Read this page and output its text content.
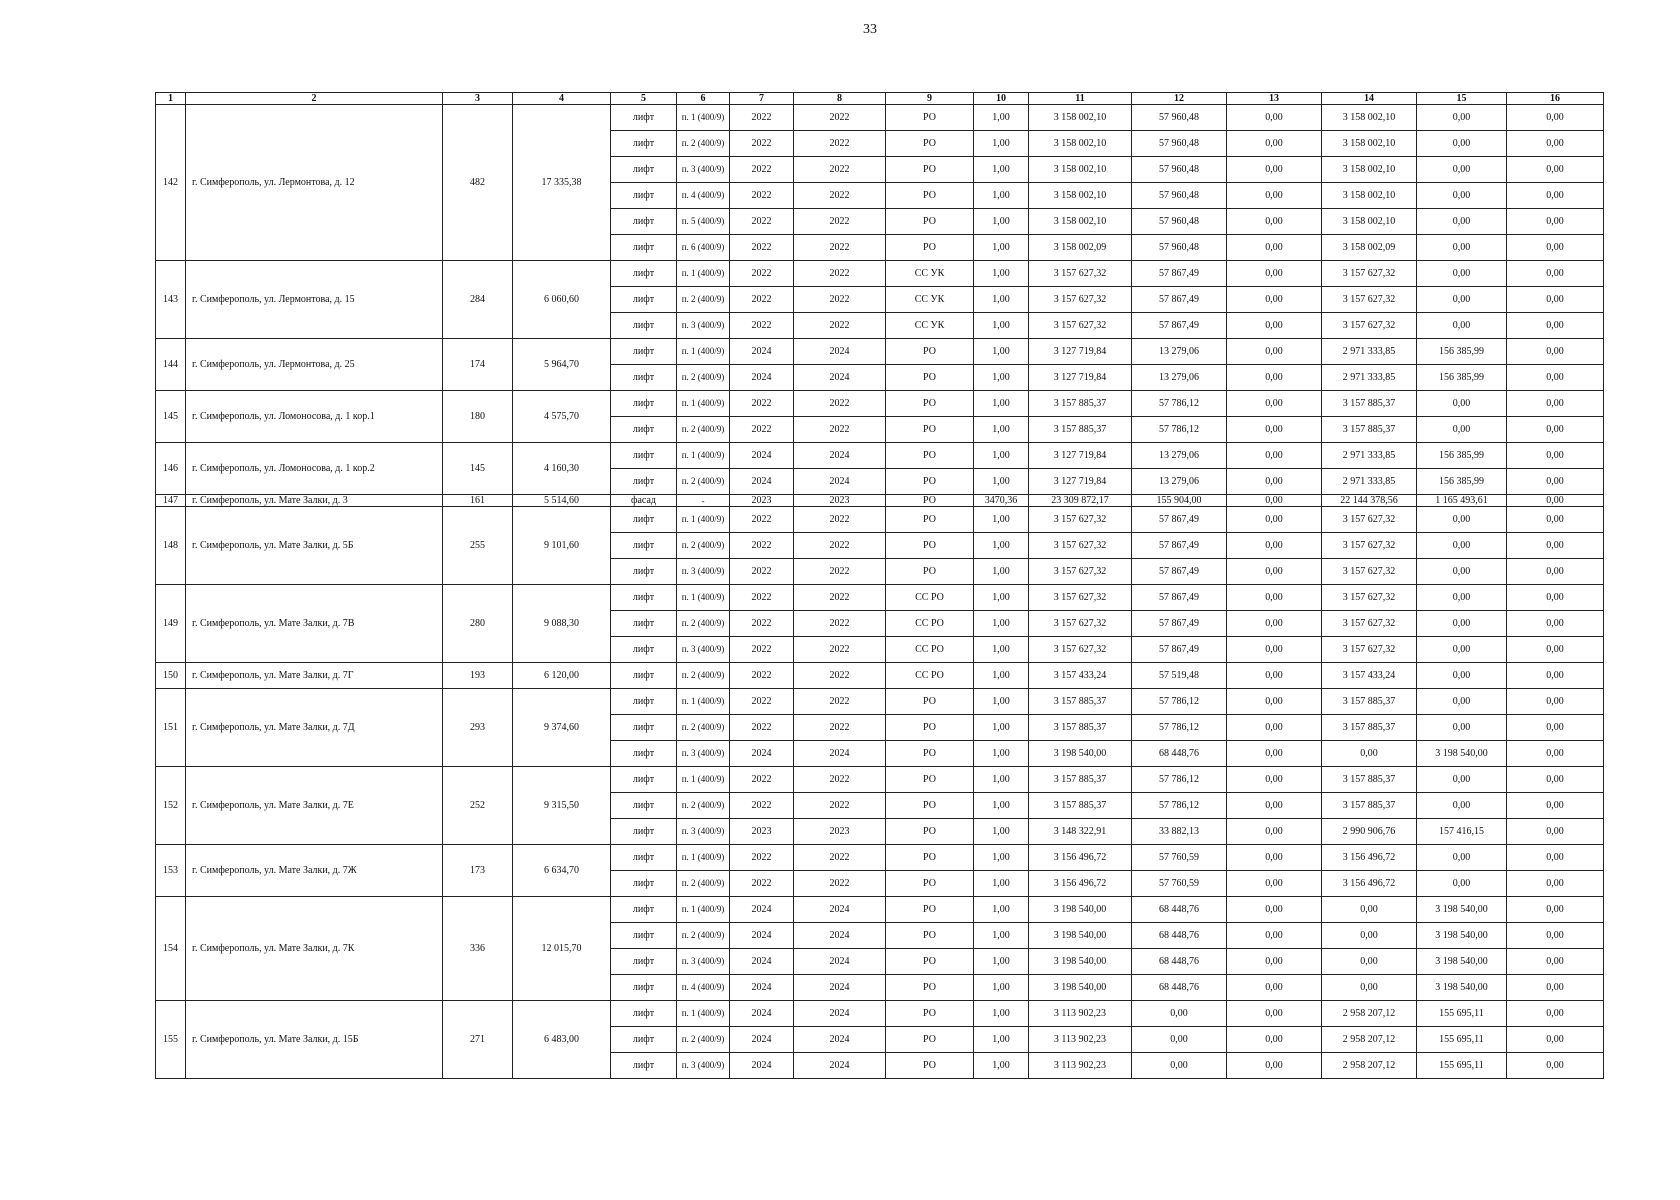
33
1	2	3	4	5	6	7	8	9	10	11	12	13	14	15	16
142	г. Симферополь, ул. Лермонтова, д. 12	482	17 335,38	лифт	п. 1 (400/9)	2022	2022	РО	1,00	3 158 002,10	57 960,48	0,00	3 158 002,10	0,00	0,00
				лифт	п. 2 (400/9)	2022	2022	РО	1,00	3 158 002,10	57 960,48	0,00	3 158 002,10	0,00	0,00
				лифт	п. 3 (400/9)	2022	2022	РО	1,00	3 158 002,10	57 960,48	0,00	3 158 002,10	0,00	0,00
				лифт	п. 4 (400/9)	2022	2022	РО	1,00	3 158 002,10	57 960,48	0,00	3 158 002,10	0,00	0,00
				лифт	п. 5 (400/9)	2022	2022	РО	1,00	3 158 002,10	57 960,48	0,00	3 158 002,10	0,00	0,00
				лифт	п. 6 (400/9)	2022	2022	РО	1,00	3 158 002,09	57 960,48	0,00	3 158 002,09	0,00	0,00
143	г. Симферополь, ул. Лермонтова, д. 15	284	6 060,60	лифт	п. 1 (400/9)	2022	2022	СС УК	1,00	3 157 627,32	57 867,49	0,00	3 157 627,32	0,00	0,00
				лифт	п. 2 (400/9)	2022	2022	СС УК	1,00	3 157 627,32	57 867,49	0,00	3 157 627,32	0,00	0,00
				лифт	п. 3 (400/9)	2022	2022	СС УК	1,00	3 157 627,32	57 867,49	0,00	3 157 627,32	0,00	0,00
144	г. Симферополь, ул. Лермонтова, д. 25	174	5 964,70	лифт	п. 1 (400/9)	2024	2024	РО	1,00	3 127 719,84	13 279,06	0,00	2 971 333,85	156 385,99	0,00
				лифт	п. 2 (400/9)	2024	2024	РО	1,00	3 127 719,84	13 279,06	0,00	2 971 333,85	156 385,99	0,00
145	г. Симферополь, ул. Ломоносова, д. 1 кор.1	180	4 575,70	лифт	п. 1 (400/9)	2022	2022	РО	1,00	3 157 885,37	57 786,12	0,00	3 157 885,37	0,00	0,00
				лифт	п. 2 (400/9)	2022	2022	РО	1,00	3 157 885,37	57 786,12	0,00	3 157 885,37	0,00	0,00
146	г. Симферополь, ул. Ломоносова, д. 1 кор.2	145	4 160,30	лифт	п. 1 (400/9)	2024	2024	РО	1,00	3 127 719,84	13 279,06	0,00	2 971 333,85	156 385,99	0,00
				лифт	п. 2 (400/9)	2024	2024	РО	1,00	3 127 719,84	13 279,06	0,00	2 971 333,85	156 385,99	0,00
147	г. Симферополь, ул. Мате Залки, д. 3	161	5 514,60	фасад	-	2023	2023	РО	3470,36	23 309 872,17	155 904,00	0,00	22 144 378,56	1 165 493,61	0,00
148	г. Симферополь, ул. Мате Залки, д. 5Б	255	9 101,60	лифт	п. 1 (400/9)	2022	2022	РО	1,00	3 157 627,32	57 867,49	0,00	3 157 627,32	0,00	0,00
				лифт	п. 2 (400/9)	2022	2022	РО	1,00	3 157 627,32	57 867,49	0,00	3 157 627,32	0,00	0,00
				лифт	п. 3 (400/9)	2022	2022	РО	1,00	3 157 627,32	57 867,49	0,00	3 157 627,32	0,00	0,00
149	г. Симферополь, ул. Мате Залки, д. 7В	280	9 088,30	лифт	п. 1 (400/9)	2022	2022	СС РО	1,00	3 157 627,32	57 867,49	0,00	3 157 627,32	0,00	0,00
				лифт	п. 2 (400/9)	2022	2022	СС РО	1,00	3 157 627,32	57 867,49	0,00	3 157 627,32	0,00	0,00
				лифт	п. 3 (400/9)	2022	2022	СС РО	1,00	3 157 627,32	57 867,49	0,00	3 157 627,32	0,00	0,00
150	г. Симферополь, ул. Мате Залки, д. 7Г	193	6 120,00	лифт	п. 2 (400/9)	2022	2022	СС РО	1,00	3 157 433,24	57 519,48	0,00	3 157 433,24	0,00	0,00
151	г. Симферополь, ул. Мате Залки, д. 7Д	293	9 374,60	лифт	п. 1 (400/9)	2022	2022	РО	1,00	3 157 885,37	57 786,12	0,00	3 157 885,37	0,00	0,00
				лифт	п. 2 (400/9)	2022	2022	РО	1,00	3 157 885,37	57 786,12	0,00	3 157 885,37	0,00	0,00
				лифт	п. 3 (400/9)	2024	2024	РО	1,00	3 198 540,00	68 448,76	0,00	0,00	3 198 540,00	0,00
152	г. Симферополь, ул. Мате Залки, д. 7Е	252	9 315,50	лифт	п. 1 (400/9)	2022	2022	РО	1,00	3 157 885,37	57 786,12	0,00	3 157 885,37	0,00	0,00
				лифт	п. 2 (400/9)	2022	2022	РО	1,00	3 157 885,37	57 786,12	0,00	3 157 885,37	0,00	0,00
				лифт	п. 3 (400/9)	2023	2023	РО	1,00	3 148 322,91	33 882,13	0,00	2 990 906,76	157 416,15	0,00
153	г. Симферополь, ул. Мате Залки, д. 7Ж	173	6 634,70	лифт	п. 1 (400/9)	2022	2022	РО	1,00	3 156 496,72	57 760,59	0,00	3 156 496,72	0,00	0,00
				лифт	п. 2 (400/9)	2022	2022	РО	1,00	3 156 496,72	57 760,59	0,00	3 156 496,72	0,00	0,00
154	г. Симферополь, ул. Мате Залки, д. 7К	336	12 015,70	лифт	п. 1 (400/9)	2024	2024	РО	1,00	3 198 540,00	68 448,76	0,00	0,00	3 198 540,00	0,00
				лифт	п. 2 (400/9)	2024	2024	РО	1,00	3 198 540,00	68 448,76	0,00	0,00	3 198 540,00	0,00
				лифт	п. 3 (400/9)	2024	2024	РО	1,00	3 198 540,00	68 448,76	0,00	0,00	3 198 540,00	0,00
				лифт	п. 4 (400/9)	2024	2024	РО	1,00	3 198 540,00	68 448,76	0,00	0,00	3 198 540,00	0,00
155	г. Симферополь, ул. Мате Залки, д. 15Б	271	6 483,00	лифт	п. 1 (400/9)	2024	2024	РО	1,00	3 113 902,23	0,00	0,00	2 958 207,12	155 695,11	0,00
				лифт	п. 2 (400/9)	2024	2024	РО	1,00	3 113 902,23	0,00	0,00	2 958 207,12	155 695,11	0,00
				лифт	п. 3 (400/9)	2024	2024	РО	1,00	3 113 902,23	0,00	0,00	2 958 207,12	155 695,11	0,00
